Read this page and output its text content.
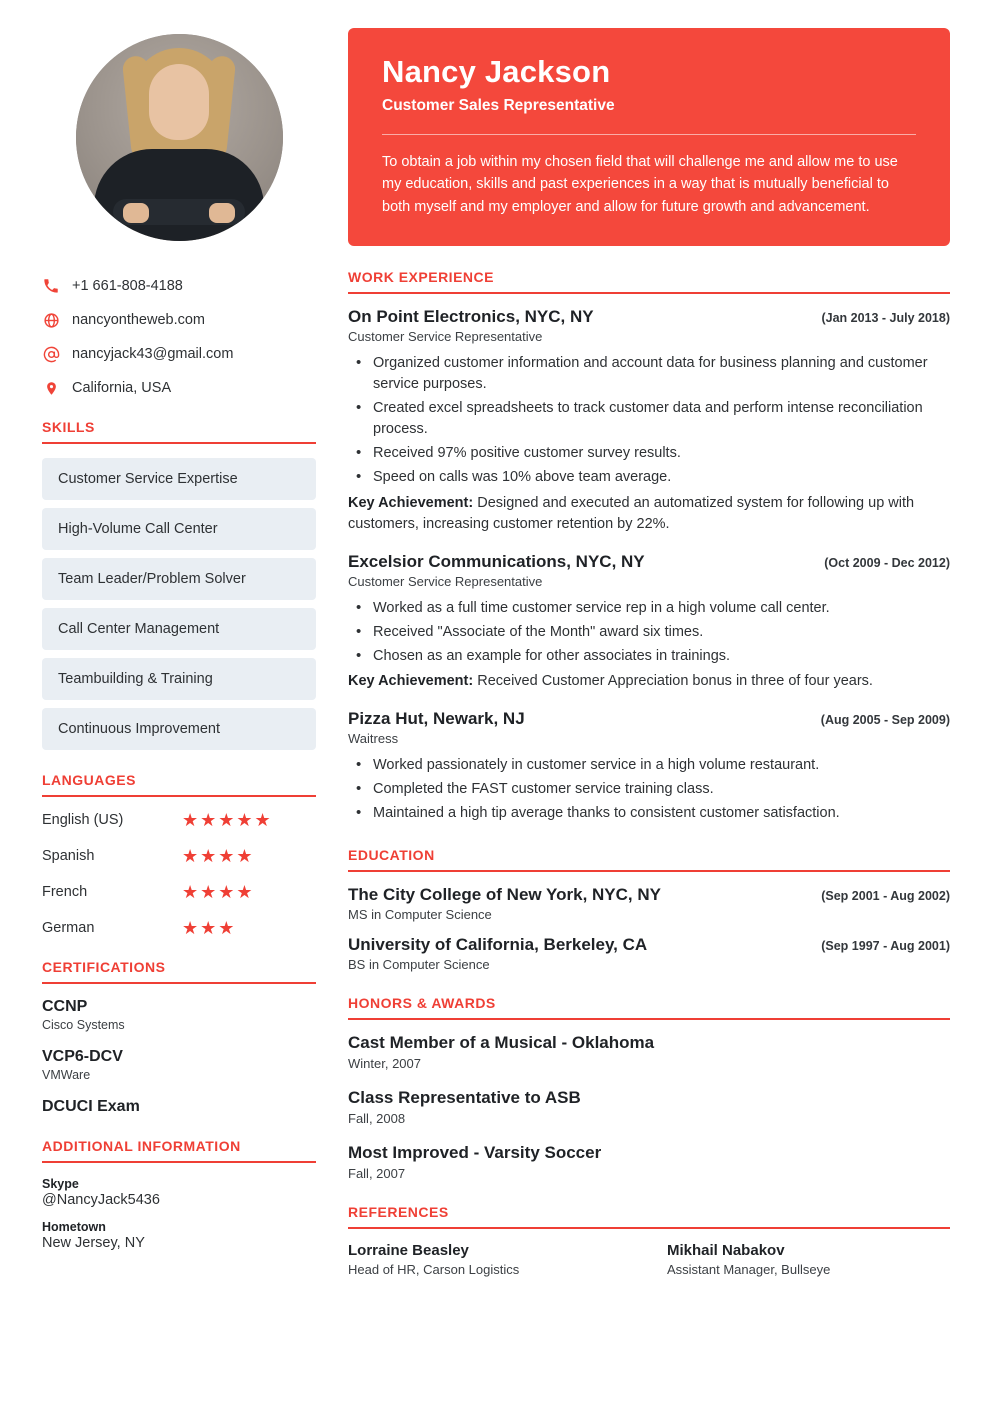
+1 661-808-4188
nancyontheweb.com
nancyjack43@gmail.com
California, USA
SKILLS
Customer Service Expertise
High-Volume Call Center
Team Leader/Problem Solver
Call Center Management
Teambuilding & Training
Continuous Improvement
LANGUAGES
English (US)	★★★★★
Spanish	★★★★
French	★★★★
German	★★★
CERTIFICATIONS
CCNP
Cisco Systems
VCP6-DCV
VMWare
DCUCI Exam
ADDITIONAL INFORMATION
Skype
@NancyJack5436
Hometown
New Jersey, NY
Nancy Jackson
Customer Sales Representative

To obtain a job within my chosen field that will challenge me and allow me to use my education, skills and past experiences in a way that is mutually beneficial to both myself and my employer and allow for future growth and advancement.

WORK EXPERIENCE
On Point Electronics, NYC, NY	(Jan 2013 - July 2018)
Customer Service Representative
• Organized customer information and account data for business planning and customer service purposes.
• Created excel spreadsheets to track customer data and perform intense reconciliation process.
• Received 97% positive customer survey results.
• Speed on calls was 10% above team average.
Key Achievement: Designed and executed an automatized system for following up with customers, increasing customer retention by 22%.
Excelsior Communications, NYC, NY	(Oct 2009 - Dec 2012)
Customer Service Representative
• Worked as a full time customer service rep in a high volume call center.
• Received "Associate of the Month" award six times.
• Chosen as an example for other associates in trainings.
Key Achievement: Received Customer Appreciation bonus in three of four years.
Pizza Hut, Newark, NJ	(Aug 2005 - Sep 2009)
Waitress
• Worked passionately in customer service in a high volume restaurant.
• Completed the FAST customer service training class.
• Maintained a high tip average thanks to consistent customer satisfaction.
EDUCATION
The City College of New York, NYC, NY	(Sep 2001 - Aug 2002)
MS in Computer Science
University of California, Berkeley, CA	(Sep 1997 - Aug 2001)
BS in Computer Science
HONORS & AWARDS
Cast Member of a Musical - Oklahoma
Winter, 2007
Class Representative to ASB
Fall, 2008
Most Improved - Varsity Soccer
Fall, 2007
REFERENCES
Lorraine Beasley
Head of HR, Carson Logistics
Mikhail Nabakov
Assistant Manager, Bullseye
